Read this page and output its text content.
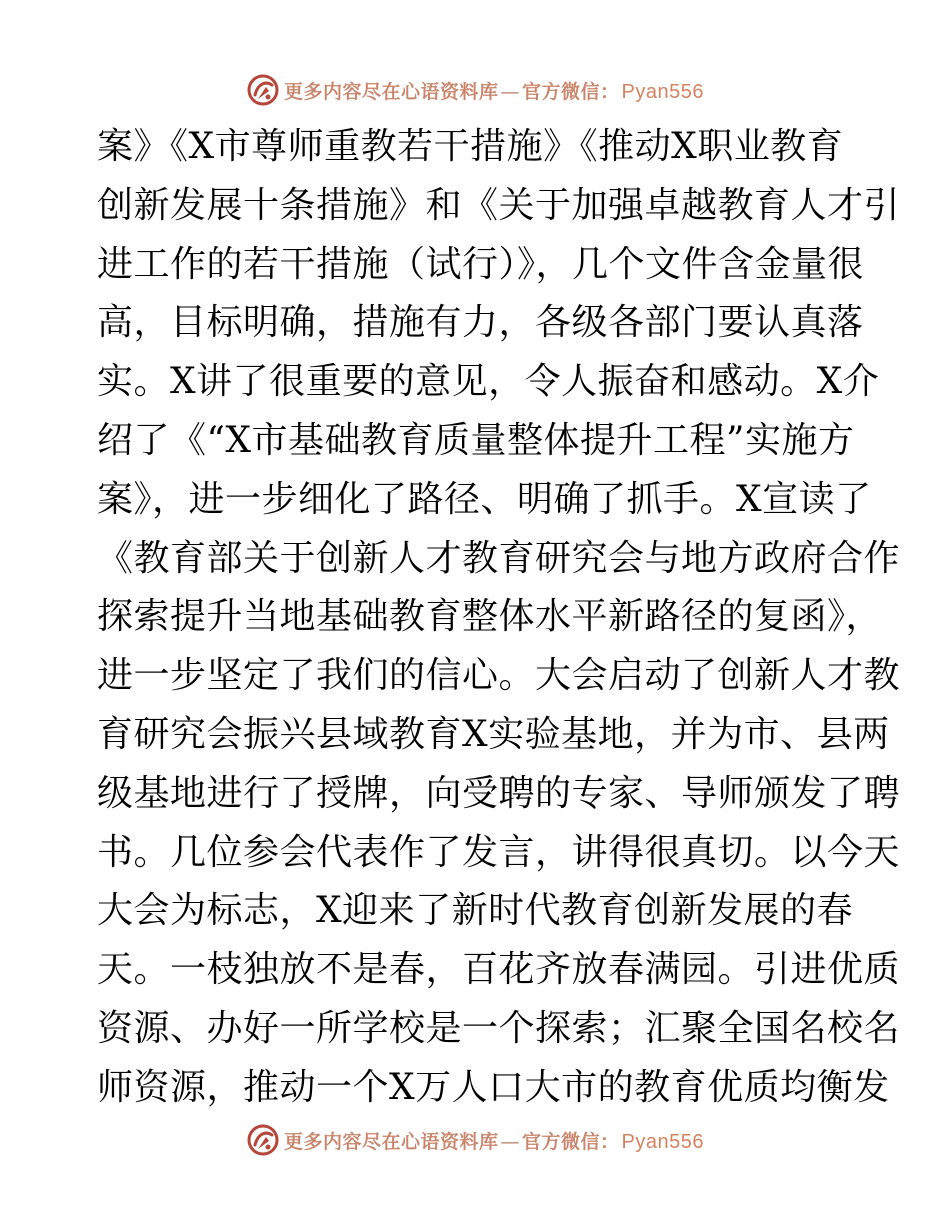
更多内容尽在心语资料库 — 官方微信： Pyan556
案》《X市尊师重教若干措施》《推动X职业教育
创新发展十条措施》和《关于加强卓越教育人才引
进工作的若干措施（试行）》，几个文件含金量很
高，目标明确，措施有力，各级各部门要认真落
实。X讲了很重要的意见，令人振奋和感动。X介
绍了《“X市基础教育质量整体提升工程”实施方
案》，进一步细化了路径、明确了抓手。X宣读了
《教育部关于创新人才教育研究会与地方政府合作
探索提升当地基础教育整体水平新路径的复函》，
进一步坚定了我们的信心。大会启动了创新人才教
育研究会振兴县域教育X实验基地，并为市、县两
级基地进行了授牌，向受聘的专家、导师颁发了聘
书。几位参会代表作了发言，讲得很真切。以今天
大会为标志，X迎来了新时代教育创新发展的春
天。一枝独放不是春，百花齐放春满园。引进优质
资源、办好一所学校是一个探索；汇聚全国名校名
师资源，推动一个X万人口大市的教育优质均衡发
更多内容尽在心语资料库 — 官方微信： Pyan556
